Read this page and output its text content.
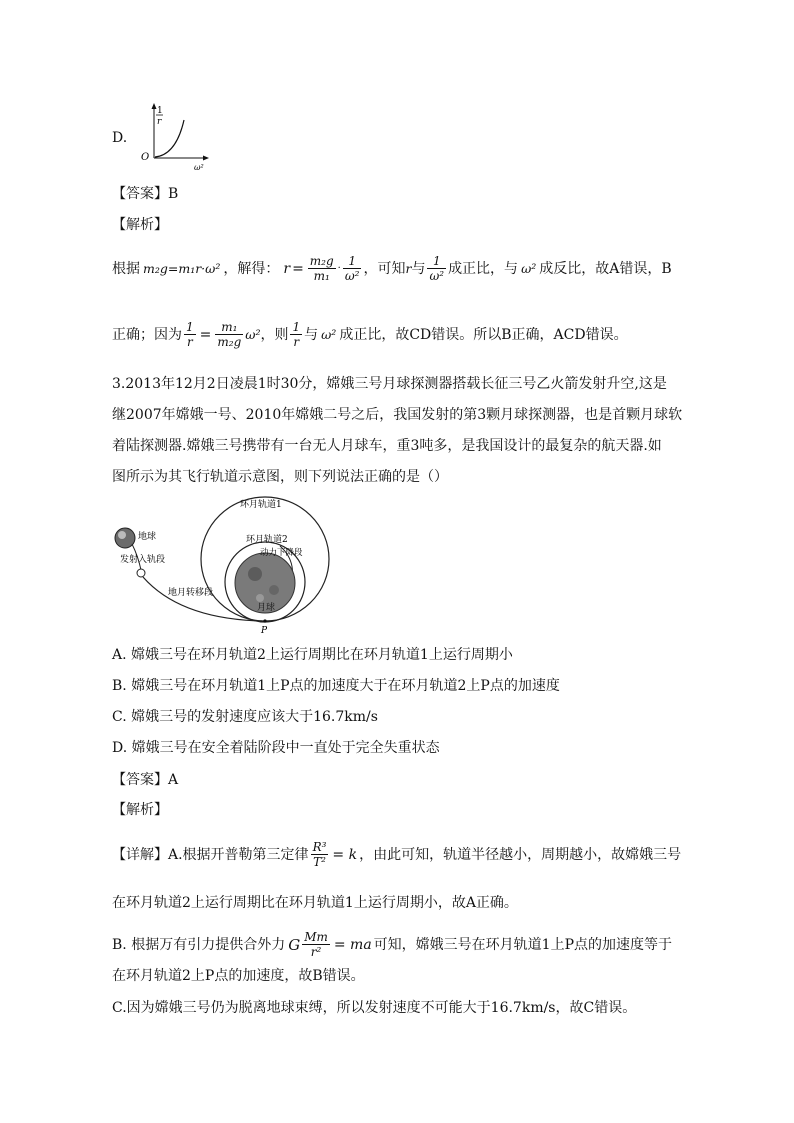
D.
1
r
O
ω²
【答案】B
【解析】
根据 m₂g=m₁r·ω² ，解得： $r = \frac{\text{m₂g}}{\text{m₁}} \cdot \frac{1}{\text{ω²}}$ ，可知 r 与 $\frac{1}{\text{ω²}}$ 成正比，与 ω² 成反比，故A错误，B
正确；因为 $\frac{1}{r} = \frac{\text{m₁}}{\text{m₂g}} \omega^2$ ，则 $\frac{1}{r}$ 与 ω² 成正比，故CD错误。所以B正确，ACD错误。
3.2013年12月2日凌晨1时30分，嫦娥三号月球探测器搭载长征三号乙火箭发射升空,这是
继2007年嫦娥一号、2010年嫦娥二号之后，我国发射的第3颗月球探测器，也是首颗月球软
着陆探测器.嫦娥三号携带有一台无人月球车，重3吨多，是我国设计的最复杂的航天器.如
图所示为其飞行轨道示意图，则下列说法正确的是（）
地球
发射入轨段
地月转移段
环月轨道1
环月轨道2
动力下降段
月球
P
A. 嫦娥三号在环月轨道2上运行周期比在环月轨道1上运行周期小
B. 嫦娥三号在环月轨道1上P点的加速度大于在环月轨道2上P点的加速度
C. 嫦娥三号的发射速度应该大于16.7km/s
D. 嫦娥三号在安全着陆阶段中一直处于完全失重状态
【答案】A
【解析】
【详解】A.根据开普勒第三定律 $\frac{\text{R³}}{\text{T²}} = k$ ，由此可知，轨道半径越小，周期越小，故嫦娥三号
在环月轨道2上运行周期比在环月轨道1上运行周期小，故A正确。
B. 根据万有引力提供合外力 G $\frac{Mm}{\text{r²}}$ = ma 可知，嫦娥三号在环月轨道1上P点的加速度等于
在环月轨道2上P点的加速度，故B错误。
C.因为嫦娥三号仍为脱离地球束缚，所以发射速度不可能大于16.7km/s，故C错误。
